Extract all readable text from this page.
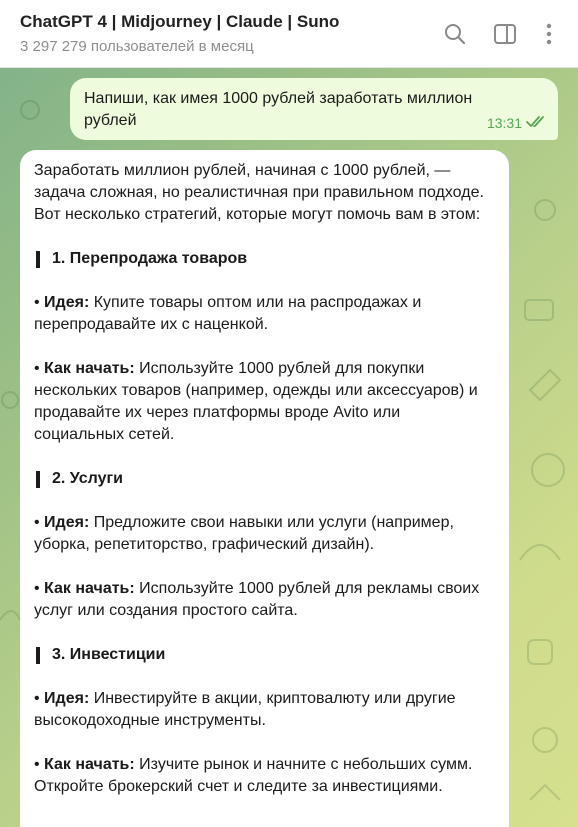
ChatGPT 4 | Midjourney | Claude | Suno
3 297 279 пользователей в месяц
Напиши, как имея 1000 рублей заработать миллион рублей	13:31

Заработать миллион рублей, начиная с 1000 рублей, — задача сложная, но реалистичная при правильном подходе. Вот несколько стратегий, которые могут помочь вам в этом:

1. Перепродажа товаров

• Идея: Купите товары оптом или на распродажах и перепродавайте их с наценкой.

• Как начать: Используйте 1000 рублей для покупки нескольких товаров (например, одежды или аксессуаров) и продавайте их через платформы вроде Avito или социальных сетей.

2. Услуги

• Идея: Предложите свои навыки или услуги (например, уборка, репетиторство, графический дизайн).

• Как начать: Используйте 1000 рублей для рекламы своих услуг или создания простого сайта.

3. Инвестиции

• Идея: Инвестируйте в акции, криптовалюту или другие высокодоходные инструменты.

• Как начать: Изучите рынок и начните с небольших сумм. Откройте брокерский счет и следите за инвестициями.
